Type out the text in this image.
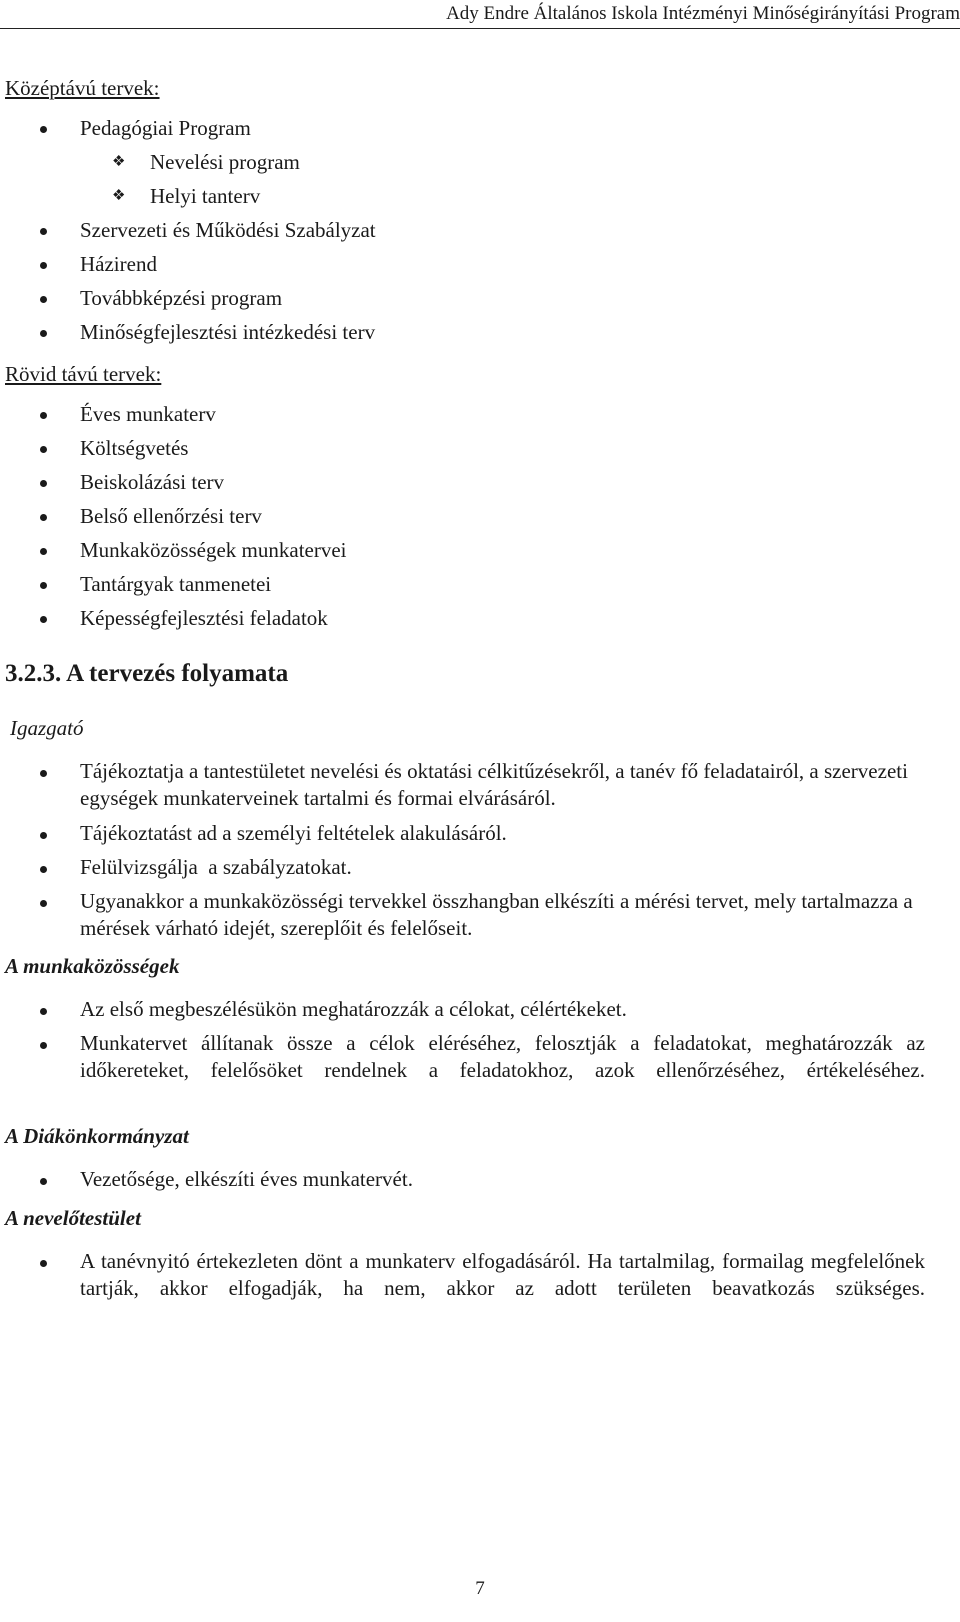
Ady Endre Általános Iskola Intézményi Minőségirányítási Program
Középtávú tervek:
Pedagógiai Program
❖ Nevelési program
❖ Helyi tanterv
Szervezeti és Működési Szabályzat
Házirend
Továbbképzési program
Minőségfejlesztési intézkedési terv
Rövid távú tervek:
Éves munkaterv
Költségvetés
Beiskolázási terv
Belső ellenőrzési terv
Munkaközösségek munkatervei
Tantárgyak tanmenetei
Képességfejlesztési feladatok
3.2.3. A tervezés folyamata
Igazgató
Tájékoztatja a tantestületet nevelési és oktatási célkitűzésekről, a tanév fő feladatairól, a szervezeti egységek munkaterveinek tartalmi és formai elvárásáról.
Tájékoztatást ad a személyi feltételek alakulásáról.
Felülvizsgálja  a szabályzatokat.
Ugyanakkor a munkaközösségi tervekkel összhangban elkészíti a mérési tervet, mely tartalmazza a mérések várható idejét, szereplőit és felelőseit.
A munkaközösségek
Az első megbeszélésükön meghatározzák a célokat, célértékeket.
Munkatervet állítanak össze a célok eléréséhez, felosztják a feladatokat, meghatározzák az időkereteket, felelősöket rendelnek a feladatokhoz, azok ellenőrzéséhez, értékeléséhez.
A Diákönkormányzat
Vezetősége, elkészíti éves munkatervét.
A nevelőtestület
A tanévnyitó értekezleten dönt a munkaterv elfogadásáról. Ha tartalmilag, formailag megfelelőnek tartják, akkor elfogadják, ha nem, akkor az adott területen beavatkozás szükséges.
7
